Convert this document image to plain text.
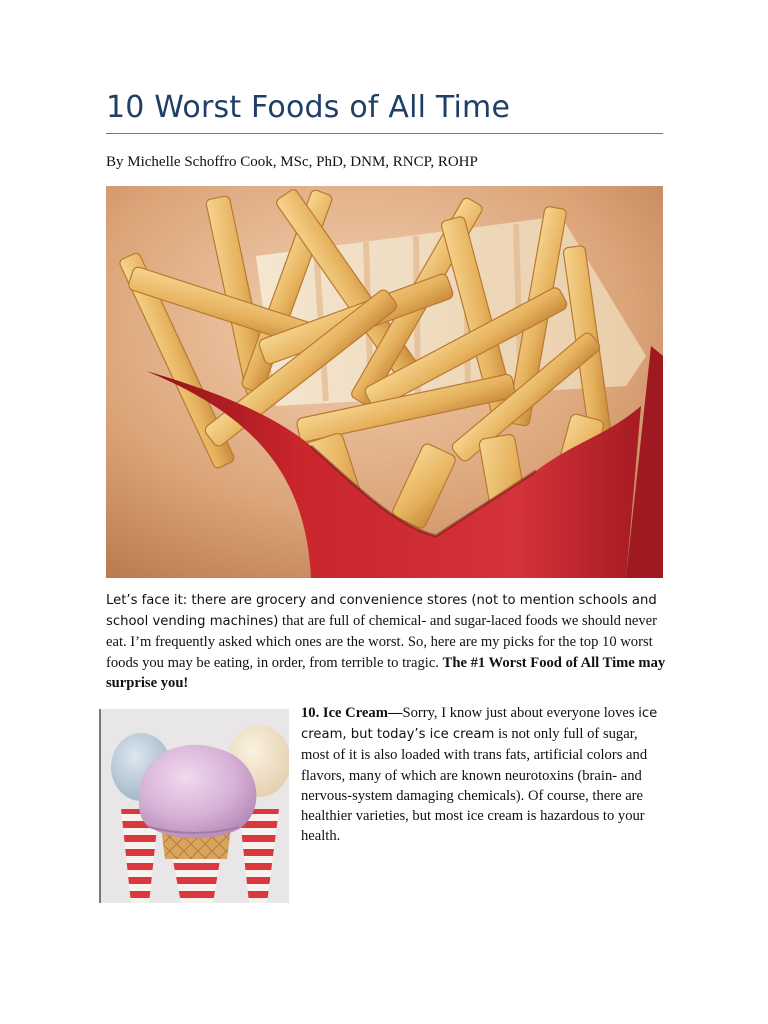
10 Worst Foods of All Time
By Michelle Schoffro Cook, MSc, PhD, DNM, RNCP, ROHP
Let’s face it: there are grocery and convenience stores (not to mention schools and school vending machines) that are full of chemical- and sugar-laced foods we should never eat. I’m frequently asked which ones are the worst. So, here are my picks for the top 10 worst foods you may be eating, in order, from terrible to tragic. The #1 Worst Food of All Time may surprise you!
10. Ice Cream—Sorry, I know just about everyone loves ice cream, but today’s ice cream is not only full of sugar, most of it is also loaded with trans fats, artificial colors and flavors, many of which are known neurotoxins (brain- and nervous-system damaging chemicals). Of course, there are healthier varieties, but most ice cream is hazardous to your health.
